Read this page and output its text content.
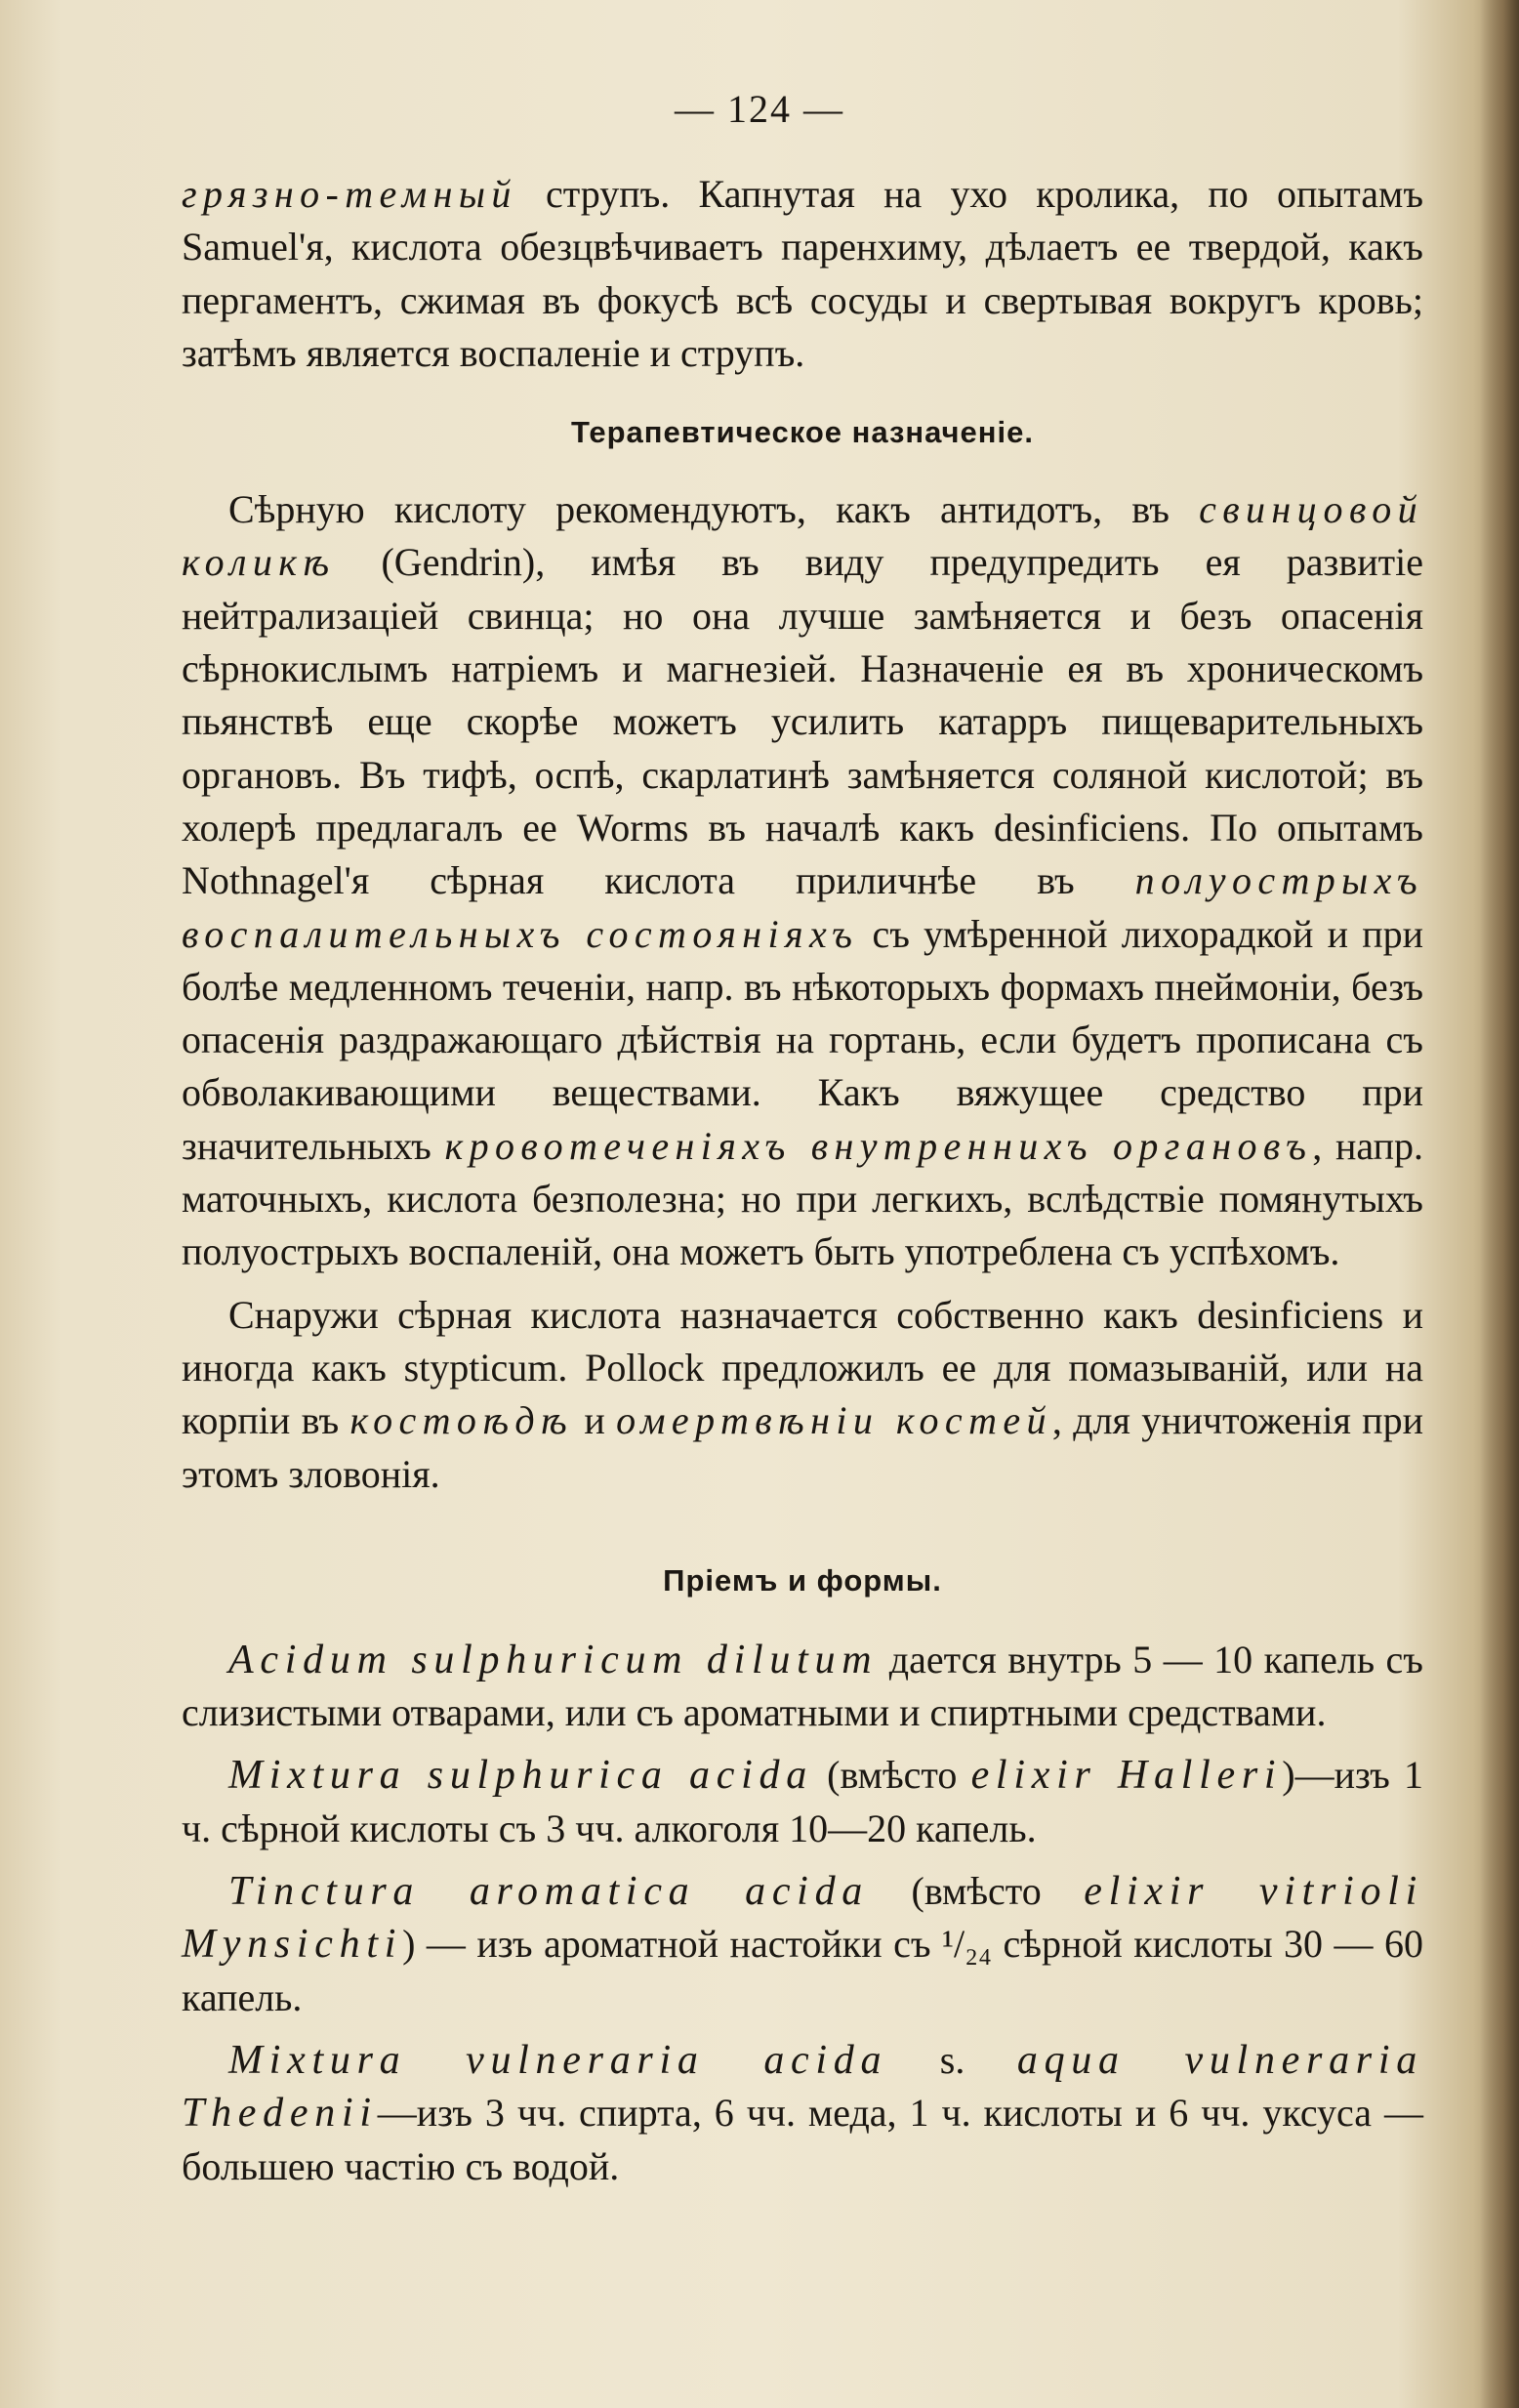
— 124 —

грязно-темный струпъ. Капнутая на ухо кролика, по опытамъ Samuel'я, кислота обезцвѣчиваетъ паренхиму, дѣлаетъ ее твердой, какъ пергаментъ, сжимая въ фокусѣ всѣ сосуды и свертывая вокругъ кровь; затѣмъ является воспаленіе и струпъ.

Терапевтическое назначеніе.

Сѣрную кислоту рекомендуютъ, какъ антидотъ, въ свинцовой коликѣ (Gendrin), имѣя въ виду предупредить ея развитіе нейтрализаціей свинца; но она лучше замѣняется и безъ опасенія сѣрнокислымъ натріемъ и магнезіей. Назначеніе ея въ хроническомъ пьянствѣ еще скорѣе можетъ усилить катарръ пищеварительныхъ органовъ. Въ тифѣ, оспѣ, скарлатинѣ замѣняется соляной кислотой; въ холерѣ предлагалъ ее Worms въ началѣ какъ desinficiens. По опытамъ Nothnagel'я сѣрная кислота приличнѣе въ полуострыхъ воспалительныхъ состояніяхъ съ умѣренной лихорадкой и при болѣе медленномъ теченіи, напр. въ нѣкоторыхъ формахъ пнеймоніи, безъ опасенія раздражающаго дѣйствія на гортань, если будетъ прописана съ обволакивающими веществами. Какъ вяжущее средство при значительныхъ кровотеченіяхъ внутреннихъ органовъ, напр. маточныхъ, кислота безполезна; но при легкихъ, вслѣдствіе помянутыхъ полуострыхъ воспаленій, она можетъ быть употреблена съ успѣхомъ.

Снаружи сѣрная кислота назначается собственно какъ desinficiens и иногда какъ stypticum. Pollock предложилъ ее для помазываній, или на корпіи въ костоѣдѣ и омертвѣніи костей, для уничтоженія при этомъ зловонія.

Пріемъ и формы.

Acidum sulphuricum dilutum дается внутрь 5 — 10 капель съ слизистыми отварами, или съ ароматными и спиртными средствами.

Mixtura sulphurica acida (вмѣсто elixir Halleri)—изъ 1 ч. сѣрной кислоты съ 3 чч. алкоголя 10—20 капель.

Tinctura aromatica acida (вмѣсто elixir vitrioli Mynsichti) — изъ ароматной настойки съ ¹/₂₄ сѣрной кислоты 30 — 60 капель.

Mixtura vulneraria acida s. aqua vulneraria Thedenii—изъ 3 чч. спирта, 6 чч. меда, 1 ч. кислоты и 6 чч. уксуса — большею частію съ водой.
